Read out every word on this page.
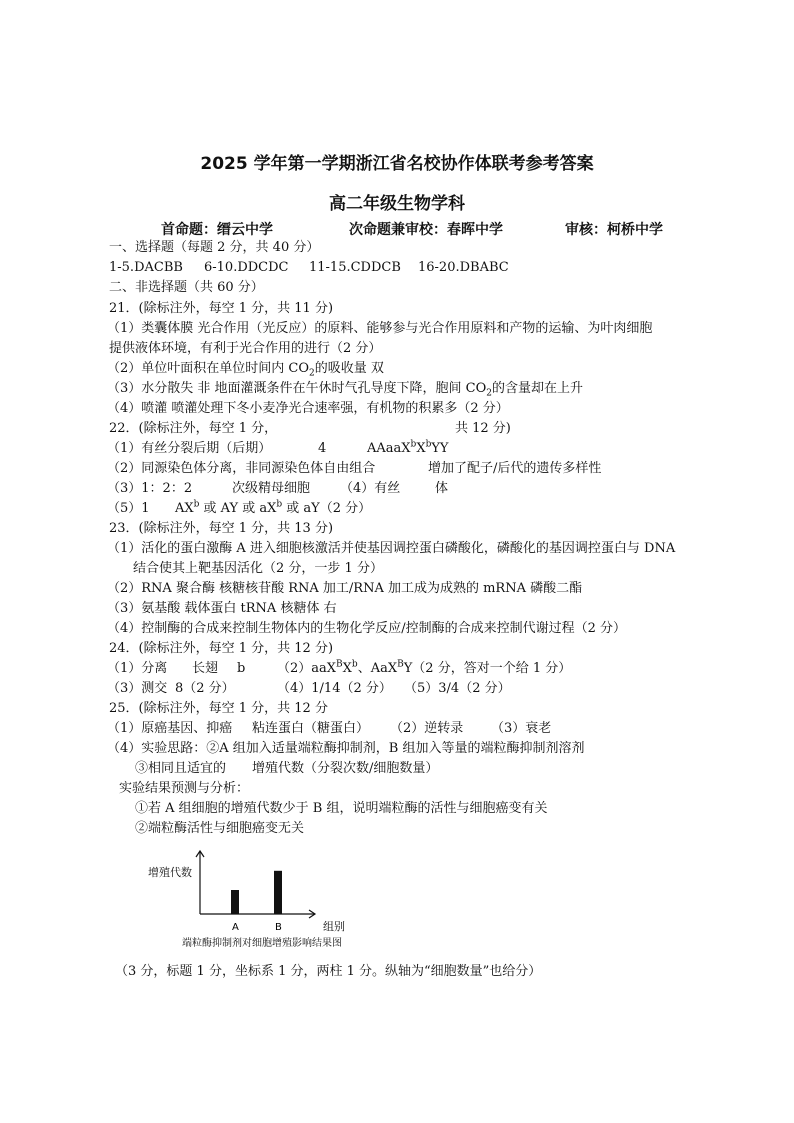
2025 学年第一学期浙江省名校协作体联考参考答案
高二年级生物学科
首命题：缙云中学	次命题兼审校：春晖中学	审核：柯桥中学
一、选择题（每题 2 分，共 40 分）
1-5.DACBB 6-10.DDCDC 11-15.CDDCB 16-20.DBABC
二、非选择题（共 60 分）
21．(除标注外，每空 1 分，共 11 分)
（1）类囊体膜 光合作用（光反应）的原料、能够参与光合作用原料和产物的运输、为叶肉细胞
提供液体环境，有利于光合作用的进行（2 分）
（2）单位叶面积在单位时间内 $CO_2$的吸收量 双
（3）水分散失 非 地面灌溉条件在午休时气孔导度下降，胞间 $CO_2$的含量却在上升
（4）喷灌 喷灌处理下冬小麦净光合速率强，有机物的积累多（2 分）
22．(除标注外，每空 1 分，	共 12 分)
（1）有丝分裂后期（后期）	4	$AAaaX^bX^bYY$
（2）同源染色体分离，非同源染色体自由组合	增加了配子/后代的遗传多样性
（3）1：2：2	次级精母细胞 （4）有丝	体
（5）1 $AX^b$ 或 AY 或 $aX^b$ 或 aY（2 分）
23．(除标注外，每空 1 分，共 13 分)
（1）活化的蛋白激酶 A 进入细胞核激活并使基因调控蛋白磷酸化，磷酸化的基因调控蛋白与 DNA
结合使其上靶基因活化（2 分，一步 1 分）
（2）RNA 聚合酶 核糖核苷酸 RNA 加工/RNA 加工成为成熟的 mRNA 磷酸二酯
（3）氨基酸 载体蛋白 tRNA 核糖体 右
（4）控制酶的合成来控制生物体内的生物化学反应/控制酶的合成来控制代谢过程（2 分）
24．(除标注外，每空 1 分，共 12 分)
（1）分离 长翅 b $(2)aaX^BX^b$、AaX$^B$Y（2 分，答对一个给 1 分）
（3）测交 8（2 分）	（4）1/14（2 分） （5）3/4（2 分）
25．(除标注外，每空 1 分，共 12 分
（1）原癌基因、抑癌 粘连蛋白（糖蛋白） （2）逆转录 （3）衰老
（4）实验思路：②A 组加入适量端粒酶抑制剂，B 组加入等量的端粒酶抑制剂溶剂
③相同且适宜的 增殖代数（分裂次数/细胞数量）
实验结果预测与分析：
①若 A 组细胞的增殖代数少于 B 组，说明端粒酶的活性与细胞癌变有关
②端粒酶活性与细胞癌变无关
增殖代数
组别
A	B
端粒酶抑制剂对细胞增殖影响结果图
（3 分，标题 1 分，坐标系 1 分，两柱 1 分。纵轴为“细胞数量”也给分）
